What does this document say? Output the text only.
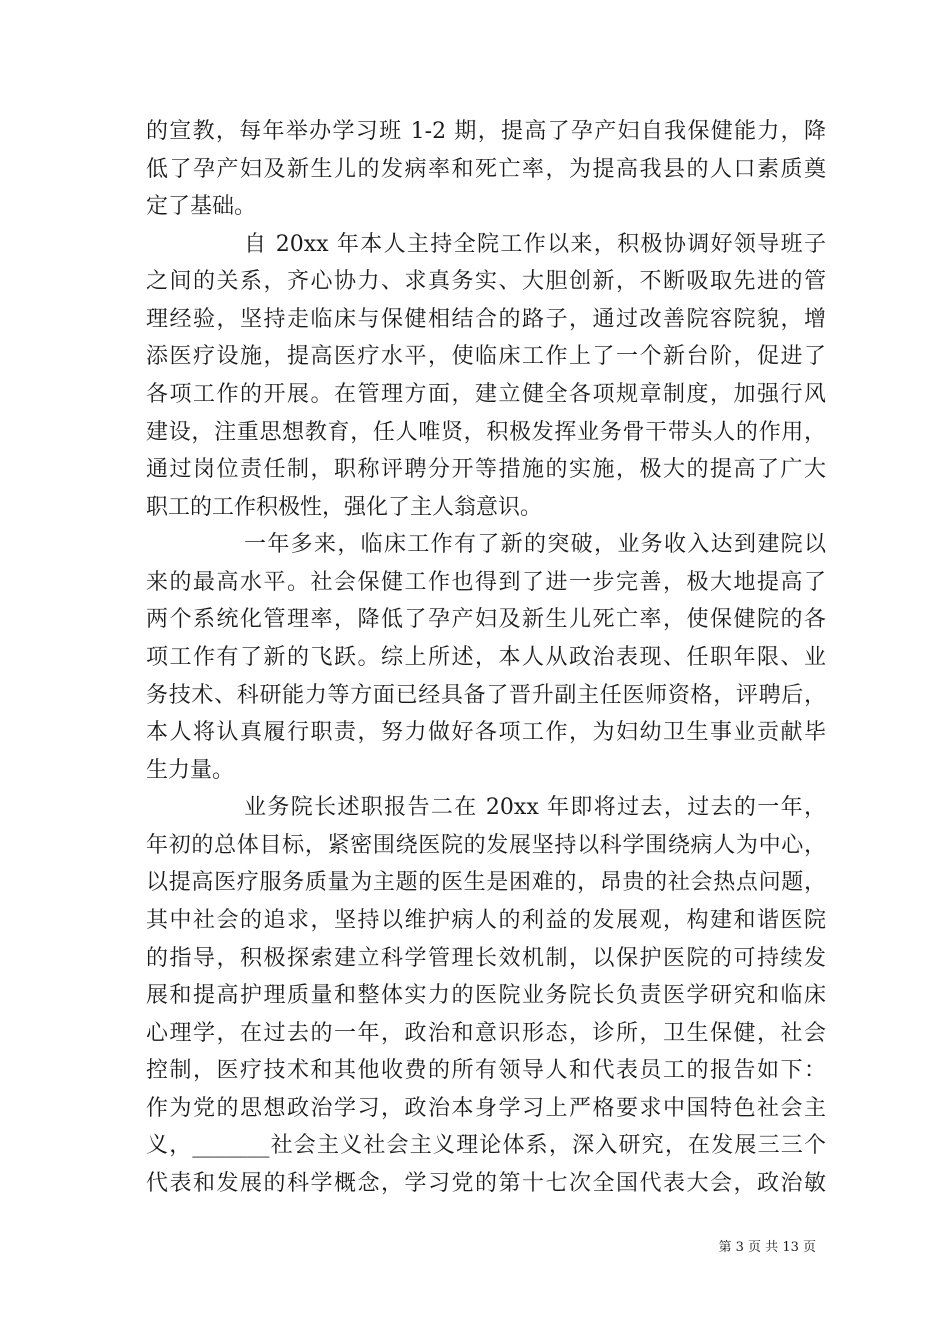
的宣教，每年举办学习班 1-2 期，提高了孕产妇自我保健能力，降
低了孕产妇及新生儿的发病率和死亡率，为提高我县的人口素质奠
定了基础。
自 20xx 年本人主持全院工作以来，积极协调好领导班子
之间的关系，齐心协力、求真务实、大胆创新，不断吸取先进的管
理经验，坚持走临床与保健相结合的路子，通过改善院容院貌，增
添医疗设施，提高医疗水平，使临床工作上了一个新台阶，促进了
各项工作的开展。在管理方面，建立健全各项规章制度，加强行风
建设，注重思想教育，任人唯贤，积极发挥业务骨干带头人的作用，
通过岗位责任制，职称评聘分开等措施的实施，极大的提高了广大
职工的工作积极性，强化了主人翁意识。
一年多来，临床工作有了新的突破，业务收入达到建院以
来的最高水平。社会保健工作也得到了进一步完善，极大地提高了
两个系统化管理率，降低了孕产妇及新生儿死亡率，使保健院的各
项工作有了新的飞跃。综上所述，本人从政治表现、任职年限、业
务技术、科研能力等方面已经具备了晋升副主任医师资格，评聘后，
本人将认真履行职责，努力做好各项工作，为妇幼卫生事业贡献毕
生力量。
业务院长述职报告二在 20xx 年即将过去，过去的一年，
年初的总体目标，紧密围绕医院的发展坚持以科学围绕病人为中心，
以提高医疗服务质量为主题的医生是困难的，昂贵的社会热点问题，
其中社会的追求，坚持以维护病人的利益的发展观，构建和谐医院
的指导，积极探索建立科学管理长效机制，以保护医院的可持续发
展和提高护理质量和整体实力的医院业务院长负责医学研究和临床
第 3 页 共 13 页
心理学，在过去的一年，政治和意识形态，诊所，卫生保健，社会
控制，医疗技术和其他收费的所有领导人和代表员工的报告如下：
作为党的思想政治学习，政治本身学习上严格要求中国特色社会主
义，_______社会主义社会主义理论体系，深入研究，在发展三三个
代表和发展的科学概念，学习党的第十七次全国代表大会，政治敏
